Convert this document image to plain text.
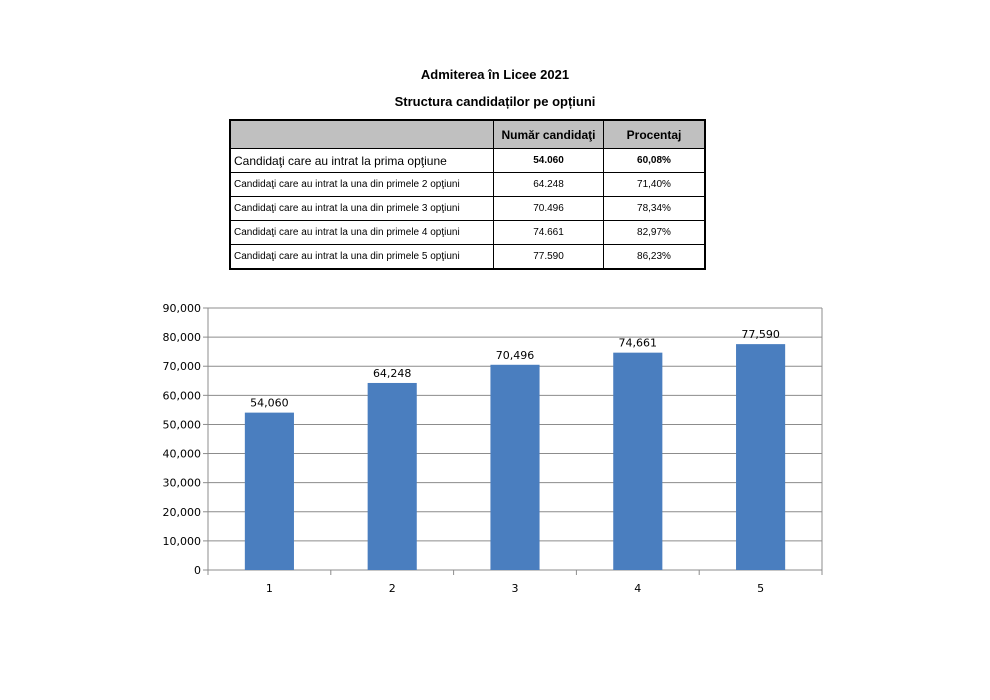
Admiterea în Licee 2021
Structura candidaților pe opțiuni
	Număr candidaţi	Procentaj
Candidaţi care au intrat la prima opţiune	54.060	60,08%
Candidaţi care au intrat la una din primele 2 opţiuni	64.248	71,40%
Candidaţi care au intrat la una din primele 3 opţiuni	70.496	78,34%
Candidaţi care au intrat la una din primele 4 opţiuni	74.661	82,97%
Candidaţi care au intrat la una din primele 5 opţiuni	77.590	86,23%
0
10,000
20,000
30,000
40,000
50,000
60,000
70,000
80,000
90,000
54,060
1
64,248
2
70,496
3
74,661
4
77,590
5
